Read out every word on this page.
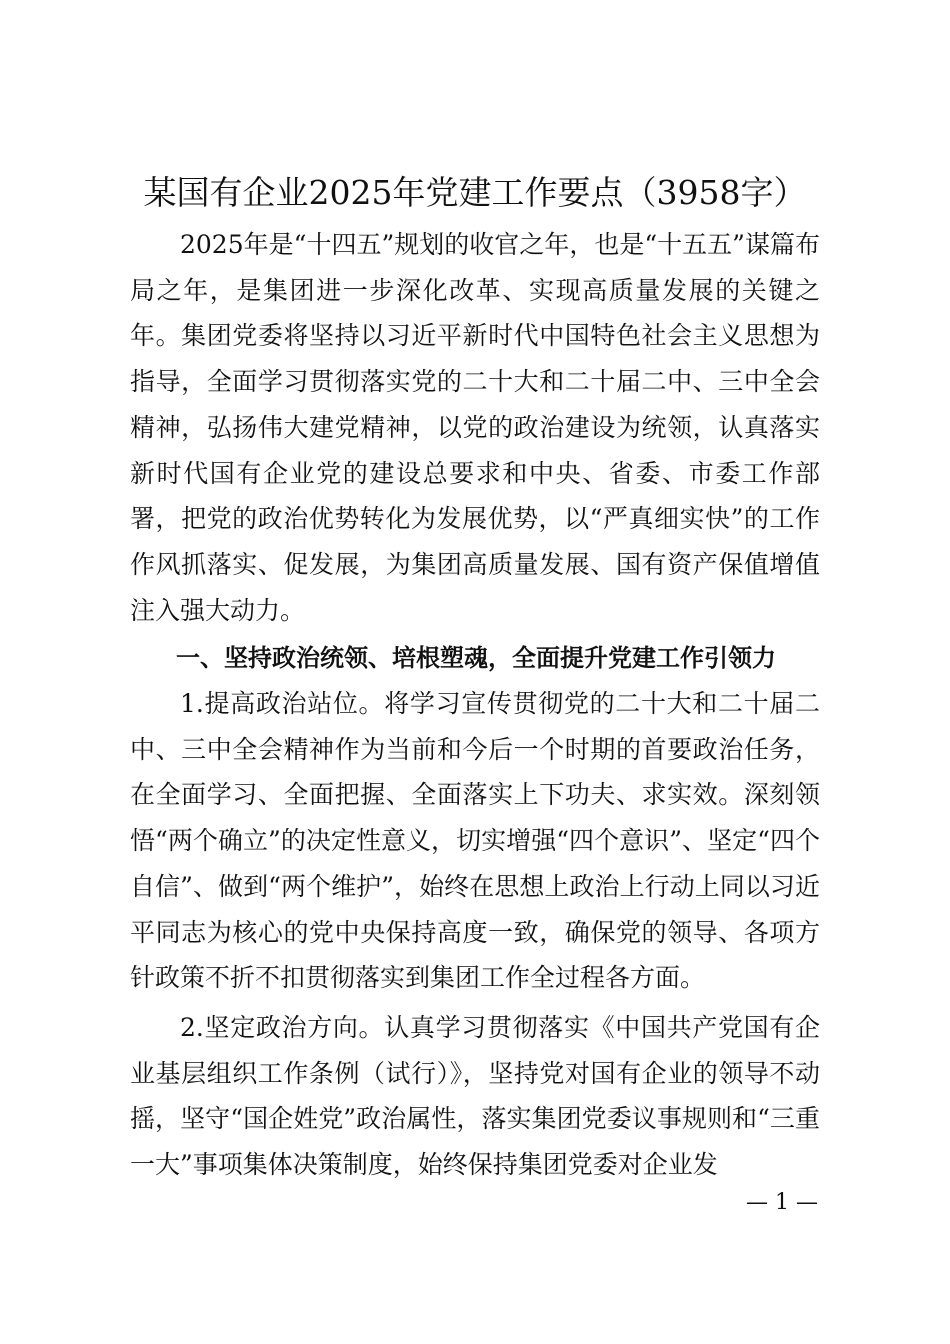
某国有企业2025年党建工作要点（3958字）
2025年是“十四五”规划的收官之年，也是“十五五”谋篇布局之年，是集团进一步深化改革、实现高质量发展的关键之年。集团党委将坚持以习近平新时代中国特色社会主义思想为指导，全面学习贯彻落实党的二十大和二十届二中、三中全会精神，弘扬伟大建党精神，以党的政治建设为统领，认真落实新时代国有企业党的建设总要求和中央、省委、市委工作部署，把党的政治优势转化为发展优势，以“严真细实快”的工作作风抓落实、促发展，为集团高质量发展、国有资产保值增值注入强大动力。
一、坚持政治统领、培根塑魂，全面提升党建工作引领力
1.提高政治站位。将学习宣传贯彻党的二十大和二十届二中、三中全会精神作为当前和今后一个时期的首要政治任务，在全面学习、全面把握、全面落实上下功夫、求实效。深刻领悟“两个确立”的决定性意义，切实增强“四个意识”、坚定“四个自信”、做到“两个维护”，始终在思想上政治上行动上同以习近平同志为核心的党中央保持高度一致，确保党的领导、各项方针政策不折不扣贯彻落实到集团工作全过程各方面。
2.坚定政治方向。认真学习贯彻落实《中国共产党国有企业基层组织工作条例（试行）》，坚持党对国有企业的领导不动摇，坚守“国企姓党”政治属性，落实集团党委议事规则和“三重一大”事项集体决策制度，始终保持集团党委对企业发
— 1 —
